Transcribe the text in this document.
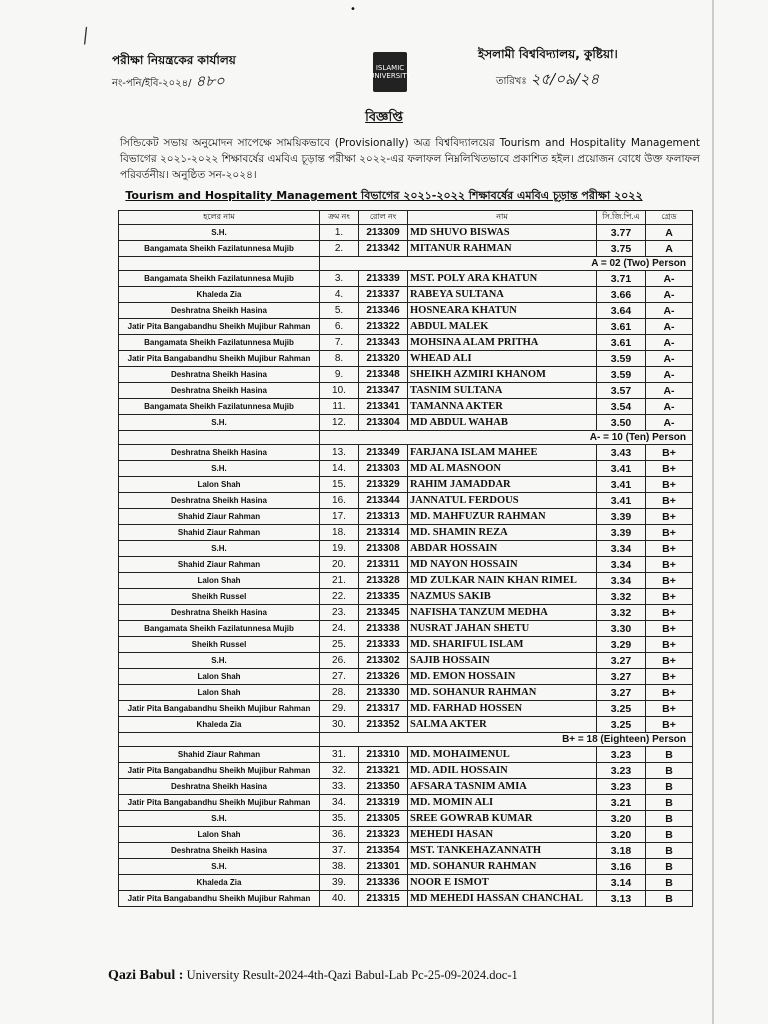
⁄
•
পরীক্ষা নিয়ন্ত্রকের কার্যালয়
নং-পনি/ইবি-২০২৪/ ৪৮০
ISLAMIC UNIVERSITY
ইসলামী বিশ্ববিদ্যালয়, কুষ্টিয়া।
তারিখঃ ২৫/০৯/২৪
বিজ্ঞপ্তি
সিন্ডিকেট সভায় অনুমোদন সাপেক্ষে সাময়িকভাবে (Provisionally) অত্র বিশ্ববিদ্যালয়ের Tourism and Hospitality Management বিভাগের ২০২১-২০২২ শিক্ষাবর্ষের এমবিএ চূড়ান্ত পরীক্ষা ২০২২-এর ফলাফল নিম্নলিখিতভাবে প্রকাশিত হইল। প্রয়োজন বোধে উক্ত ফলাফল পরিবর্তনীয়। অনুষ্ঠিত সন-২০২৪।
Tourism and Hospitality Management বিভাগের ২০২১-২০২২ শিক্ষাবর্ষের এমবিএ চূড়ান্ত পরীক্ষা ২০২২
হলের নাম	ক্রম নং	রোল নং	নাম	সি.জি.পি.এ	গ্রেড
S.H.	1.	213309	MD SHUVO BISWAS	3.77	A
Bangamata Sheikh Fazilatunnesa Mujib	2.	213342	MITANUR RAHMAN	3.75	A
	A = 02 (Two) Person				
Bangamata Sheikh Fazilatunnesa Mujib	3.	213339	MST. POLY ARA KHATUN	3.71	A-
Khaleda Zia	4.	213337	RABEYA SULTANA	3.66	A-
Deshratna Sheikh Hasina	5.	213346	HOSNEARA KHATUN	3.64	A-
Jatir Pita Bangabandhu Sheikh Mujibur Rahman	6.	213322	ABDUL MALEK	3.61	A-
Bangamata Sheikh Fazilatunnesa Mujib	7.	213343	MOHSINA ALAM PRITHA	3.61	A-
Jatir Pita Bangabandhu Sheikh Mujibur Rahman	8.	213320	WHEAD ALI	3.59	A-
Deshratna Sheikh Hasina	9.	213348	SHEIKH AZMIRI KHANOM	3.59	A-
Deshratna Sheikh Hasina	10.	213347	TASNIM SULTANA	3.57	A-
Bangamata Sheikh Fazilatunnesa Mujib	11.	213341	TAMANNA AKTER	3.54	A-
S.H.	12.	213304	MD ABDUL WAHAB	3.50	A-
	A- = 10 (Ten) Person				
Deshratna Sheikh Hasina	13.	213349	FARJANA ISLAM MAHEE	3.43	B+
S.H.	14.	213303	MD AL MASNOON	3.41	B+
Lalon Shah	15.	213329	RAHIM JAMADDAR	3.41	B+
Deshratna Sheikh Hasina	16.	213344	JANNATUL FERDOUS	3.41	B+
Shahid Ziaur Rahman	17.	213313	MD. MAHFUZUR RAHMAN	3.39	B+
Shahid Ziaur Rahman	18.	213314	MD. SHAMIN REZA	3.39	B+
S.H.	19.	213308	ABDAR HOSSAIN	3.34	B+
Shahid Ziaur Rahman	20.	213311	MD NAYON HOSSAIN	3.34	B+
Lalon Shah	21.	213328	MD ZULKAR NAIN KHAN RIMEL	3.34	B+
Sheikh Russel	22.	213335	NAZMUS SAKIB	3.32	B+
Deshratna Sheikh Hasina	23.	213345	NAFISHA TANZUM MEDHA	3.32	B+
Bangamata Sheikh Fazilatunnesa Mujib	24.	213338	NUSRAT JAHAN SHETU	3.30	B+
Sheikh Russel	25.	213333	MD. SHARIFUL ISLAM	3.29	B+
S.H.	26.	213302	SAJIB HOSSAIN	3.27	B+
Lalon Shah	27.	213326	MD. EMON HOSSAIN	3.27	B+
Lalon Shah	28.	213330	MD. SOHANUR RAHMAN	3.27	B+
Jatir Pita Bangabandhu Sheikh Mujibur Rahman	29.	213317	MD. FARHAD HOSSEN	3.25	B+
Khaleda Zia	30.	213352	SALMA AKTER	3.25	B+
	B+ = 18 (Eighteen) Person				
Shahid Ziaur Rahman	31.	213310	MD. MOHAIMENUL	3.23	B
Jatir Pita Bangabandhu Sheikh Mujibur Rahman	32.	213321	MD. ADIL HOSSAIN	3.23	B
Deshratna Sheikh Hasina	33.	213350	AFSARA TASNIM AMIA	3.23	B
Jatir Pita Bangabandhu Sheikh Mujibur Rahman	34.	213319	MD. MOMIN ALI	3.21	B
S.H.	35.	213305	SREE GOWRAB KUMAR	3.20	B
Lalon Shah	36.	213323	MEHEDI HASAN	3.20	B
Deshratna Sheikh Hasina	37.	213354	MST. TANKEHAZANNATH	3.18	B
S.H.	38.	213301	MD. SOHANUR RAHMAN	3.16	B
Khaleda Zia	39.	213336	NOOR E ISMOT	3.14	B
Jatir Pita Bangabandhu Sheikh Mujibur Rahman	40.	213315	MD MEHEDI HASSAN CHANCHAL	3.13	B
Qazi Babul : University Result-2024-4th-Qazi Babul-Lab Pc-25-09-2024.doc-1
